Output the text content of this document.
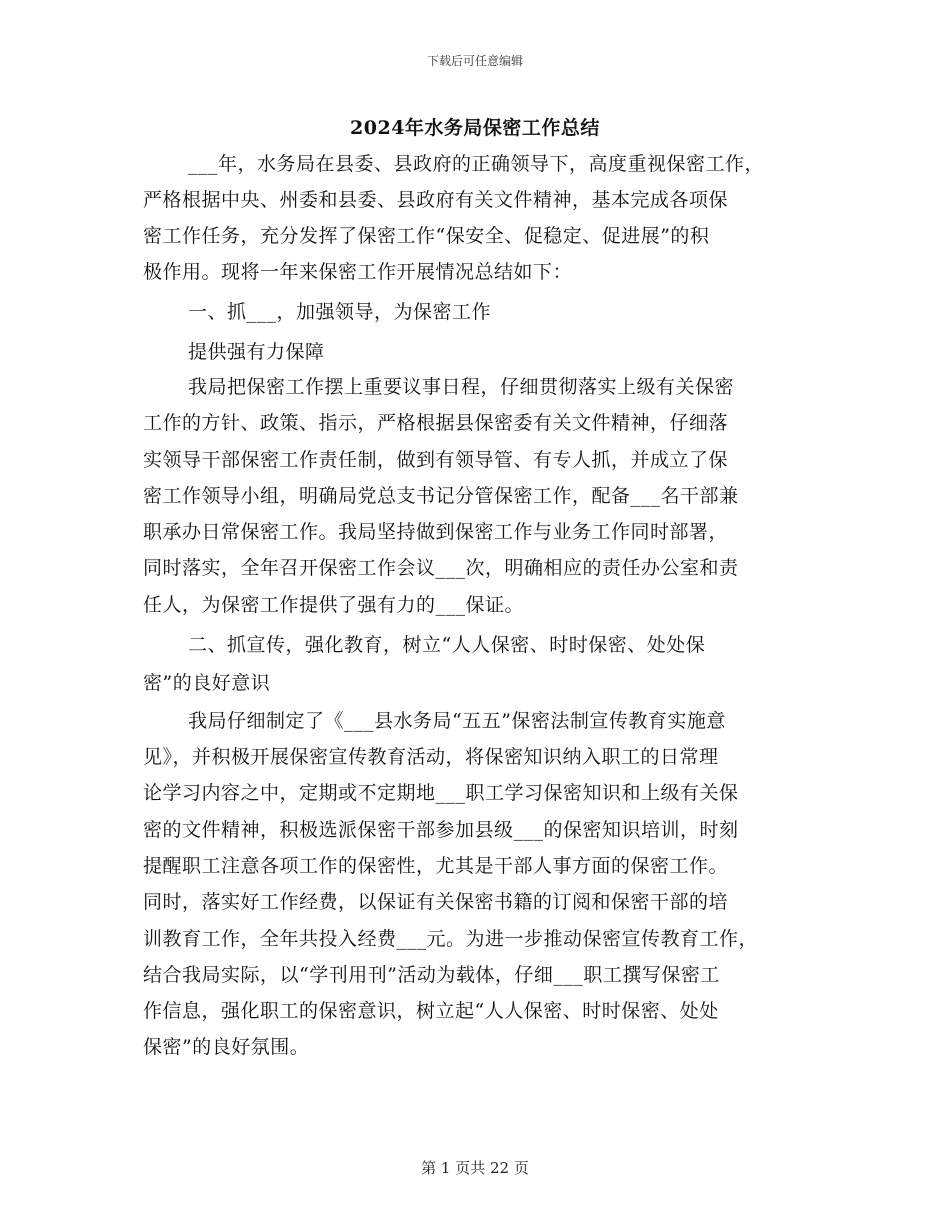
下载后可任意编辑
2024年水务局保密工作总结
___年，水务局在县委、县政府的正确领导下，高度重视保密工作，
严格根据中央、州委和县委、县政府有关文件精神，基本完成各项保
密工作任务，充分发挥了保密工作“保安全、促稳定、促进展”的积
极作用。现将一年来保密工作开展情况总结如下：
一、抓___，加强领导，为保密工作
提供强有力保障
我局把保密工作摆上重要议事日程，仔细贯彻落实上级有关保密
工作的方针、政策、指示，严格根据县保密委有关文件精神，仔细落
实领导干部保密工作责任制，做到有领导管、有专人抓，并成立了保
密工作领导小组，明确局党总支书记分管保密工作，配备___名干部兼
职承办日常保密工作。我局坚持做到保密工作与业务工作同时部署，
同时落实，全年召开保密工作会议___次，明确相应的责任办公室和责
任人，为保密工作提供了强有力的___保证。
二、抓宣传，强化教育，树立“人人保密、时时保密、处处保
密”的良好意识
我局仔细制定了《___县水务局“五五”保密法制宣传教育实施意
见》，并积极开展保密宣传教育活动，将保密知识纳入职工的日常理
论学习内容之中，定期或不定期地___职工学习保密知识和上级有关保
密的文件精神，积极选派保密干部参加县级___的保密知识培训，时刻
提醒职工注意各项工作的保密性，尤其是干部人事方面的保密工作。
同时，落实好工作经费，以保证有关保密书籍的订阅和保密干部的培
训教育工作，全年共投入经费___元。为进一步推动保密宣传教育工作，
结合我局实际，以“学刊用刊”活动为载体，仔细___职工撰写保密工
作信息，强化职工的保密意识，树立起“人人保密、时时保密、处处
保密”的良好氛围。
第 1 页共 22 页
